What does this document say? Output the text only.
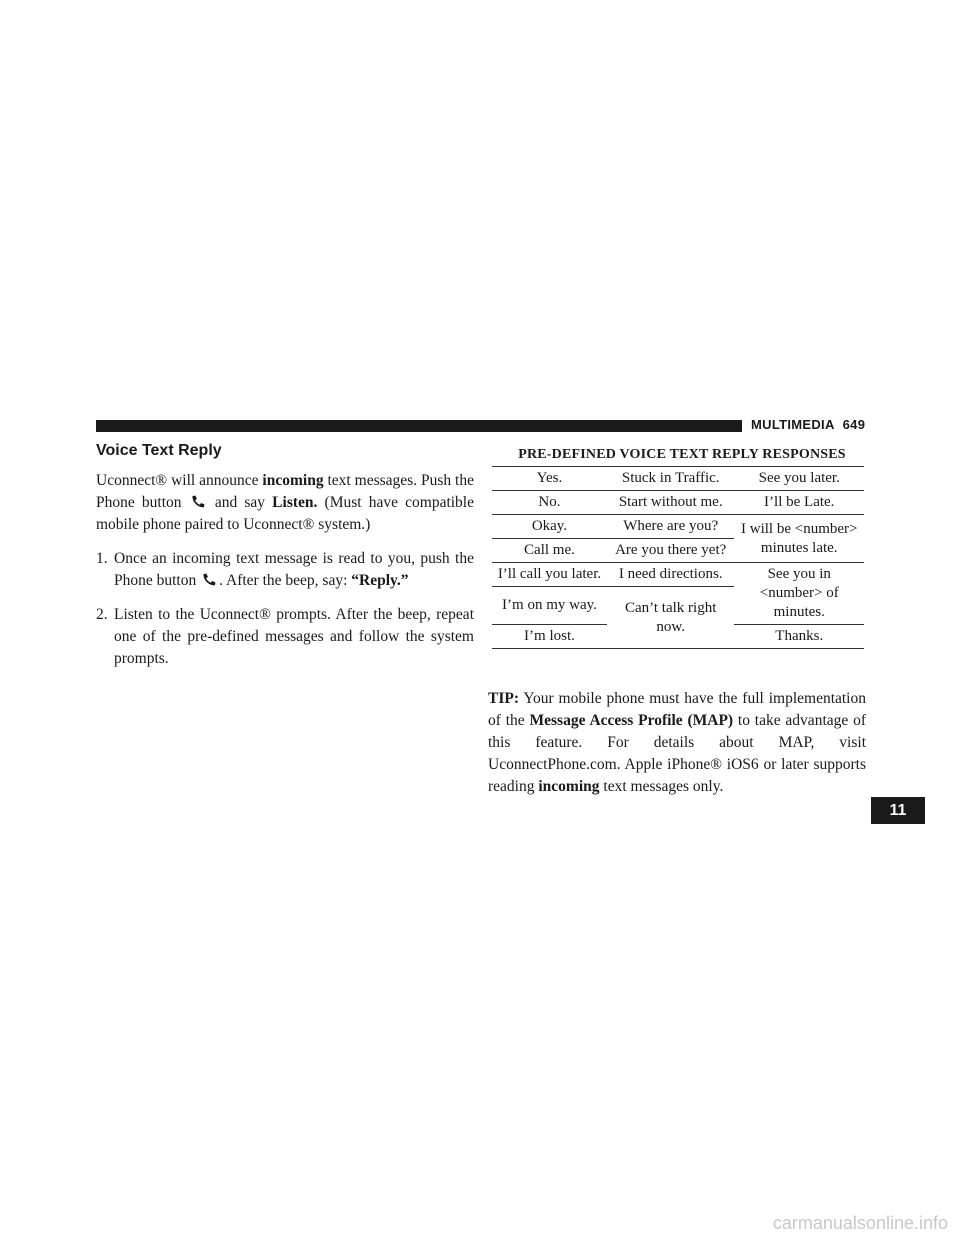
MULTIMEDIA 649
Voice Text Reply

Uconnect® will announce incoming text messages. Push the Phone button  and say Listen. (Must have compatible mobile phone paired to Uconnect® system.)

1. Once an incoming text message is read to you, push the Phone button . After the beep, say: “Reply.”
2. Listen to the Uconnect® prompts. After the beep, repeat one of the pre-defined messages and follow the system prompts.
PRE-DEFINED VOICE TEXT REPLY RESPONSES
Yes.	Stuck in Traffic.	See you later.
No.	Start without me.	I’ll be Late.
Okay.	Where are you?	I will be <number> minutes late.
Call me.	Are you there yet?	
I’ll call you later.	I need directions.	See you in <number> of minutes.
I’m on my way.	Can’t talk right now.	
I’m lost.		Thanks.
TIP: Your mobile phone must have the full implementation of the Message Access Profile (MAP) to take advantage of this feature. For details about MAP, visit UconnectPhone.com. Apple iPhone® iOS6 or later supports reading incoming text messages only.
11
carmanualsonline.info
